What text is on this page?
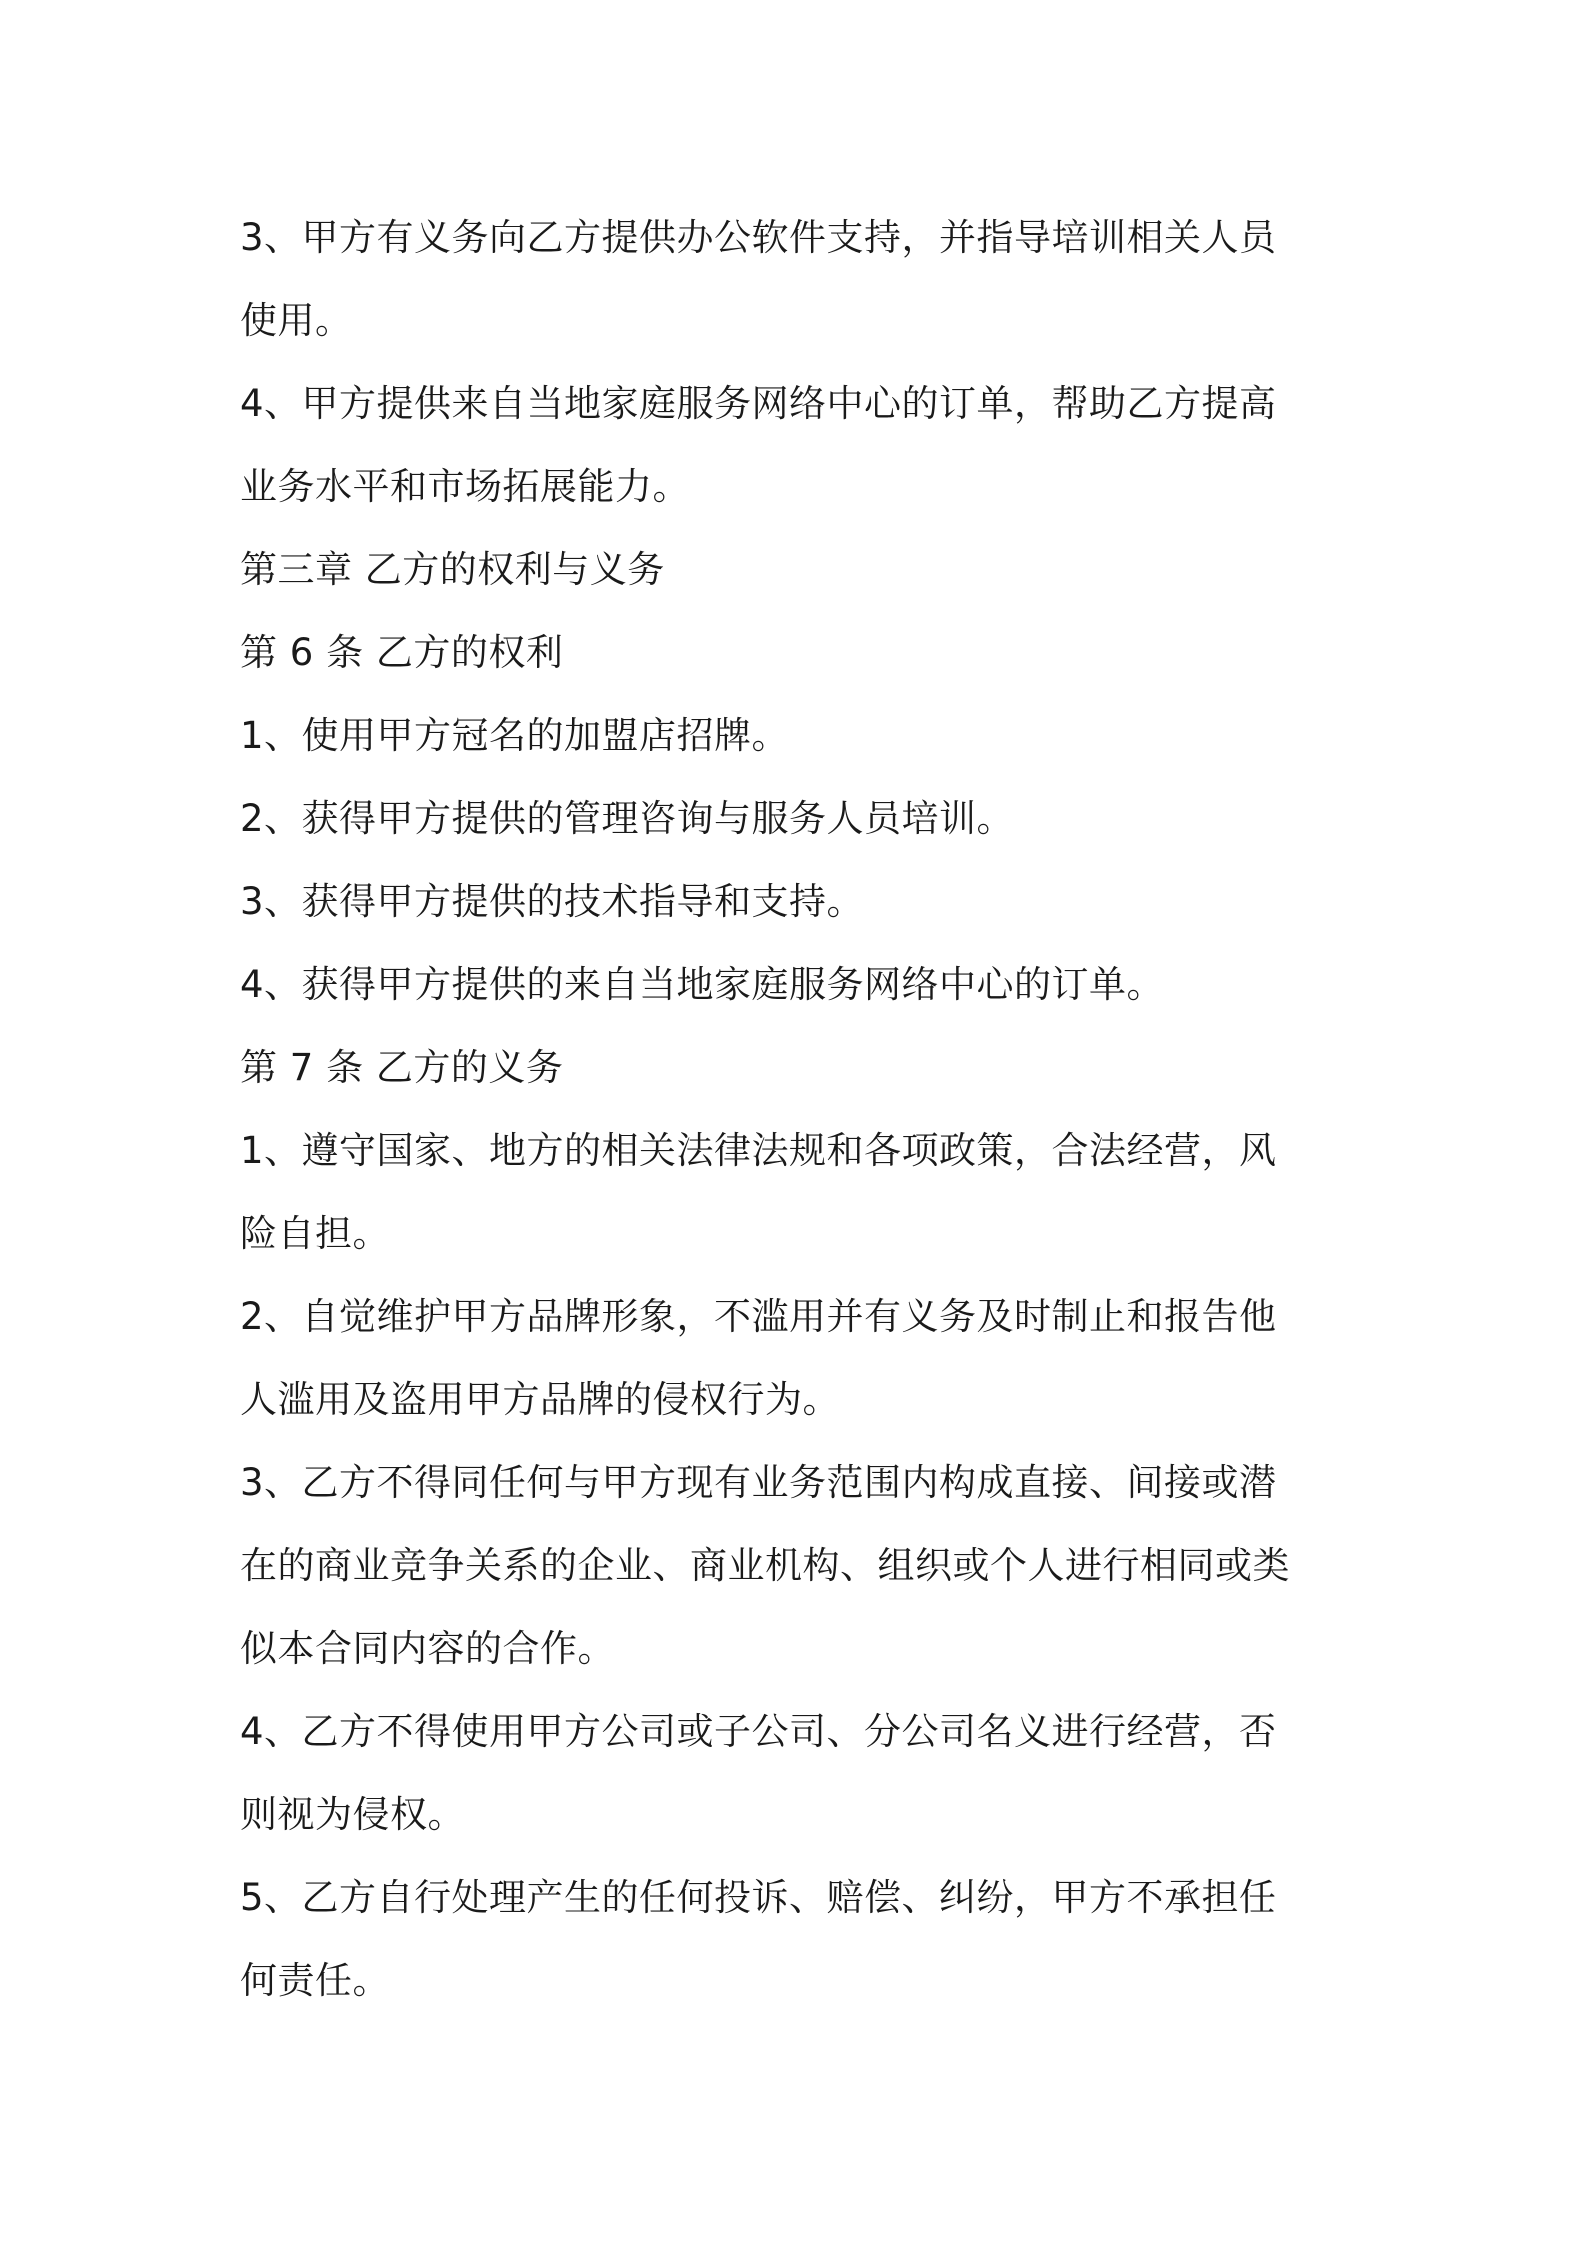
3、甲方有义务向乙方提供办公软件支持，并指导培训相关人员
使用。
4、甲方提供来自当地家庭服务网络中心的订单，帮助乙方提高
业务水平和市场拓展能力。
第三章 乙方的权利与义务
第 6 条 乙方的权利
1、使用甲方冠名的加盟店招牌。
2、获得甲方提供的管理咨询与服务人员培训。
3、获得甲方提供的技术指导和支持。
4、获得甲方提供的来自当地家庭服务网络中心的订单。
第 7 条 乙方的义务
1、遵守国家、地方的相关法律法规和各项政策，合法经营，风
险自担。
2、自觉维护甲方品牌形象，不滥用并有义务及时制止和报告他
人滥用及盗用甲方品牌的侵权行为。
3、乙方不得同任何与甲方现有业务范围内构成直接、间接或潜
在的商业竞争关系的企业、商业机构、组织或个人进行相同或类
似本合同内容的合作。
4、乙方不得使用甲方公司或子公司、分公司名义进行经营，否
则视为侵权。
5、乙方自行处理产生的任何投诉、赔偿、纠纷，甲方不承担任
何责任。
